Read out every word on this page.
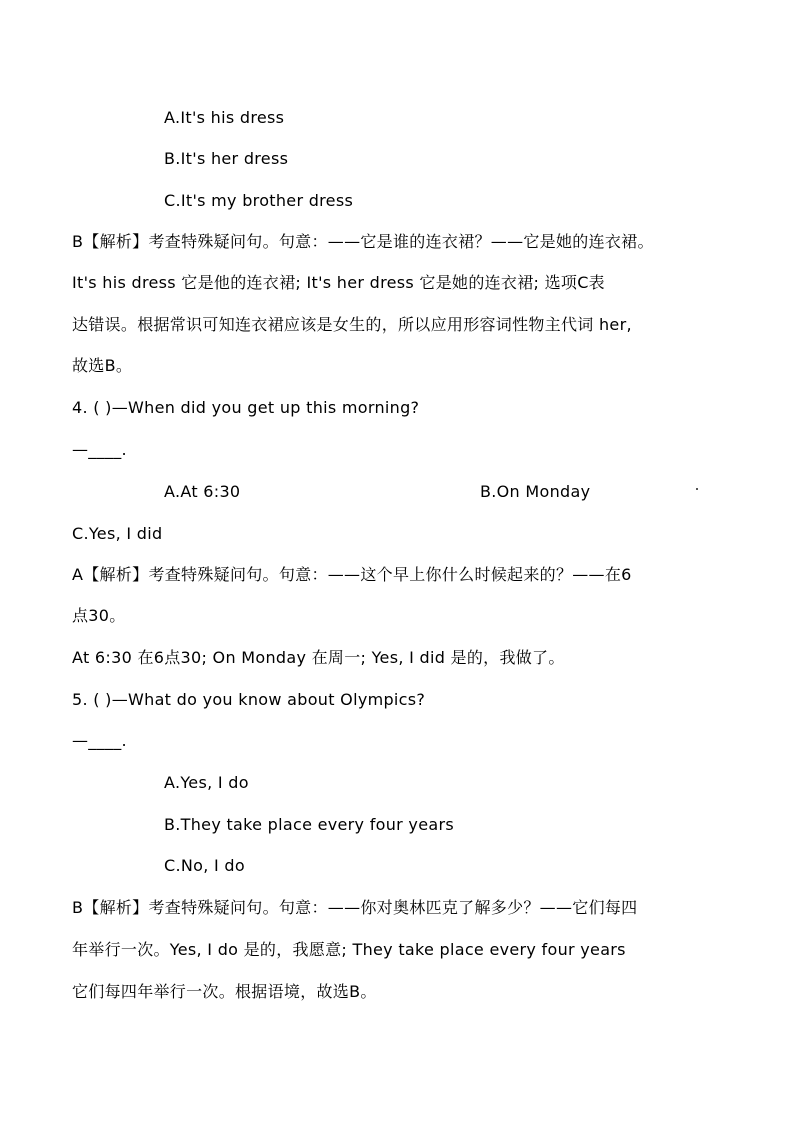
A.It's his dress
B.It's her dress
C.It's my brother dress
B【解析】考查特殊疑问句。句意：——它是谁的连衣裙？——它是她的连衣裙。
It's his dress 它是他的连衣裙; It's her dress 它是她的连衣裙; 选项C表
达错误。根据常识可知连衣裙应该是女生的，所以应用形容词性物主代词 her,
故选B。
4. ( )—When did you get up this morning?
—____.
A.At 6:30	B.On Monday
C.Yes, I did
A【解析】考查特殊疑问句。句意：——这个早上你什么时候起来的？——在6
点30。
At 6:30 在6点30; On Monday 在周一; Yes, I did 是的，我做了。
5. ( )—What do you know about Olympics?
—____.
A.Yes, I do
B.They take place every four years
C.No, I do
B【解析】考查特殊疑问句。句意：——你对奥林匹克了解多少？——它们每四
年举行一次。Yes, I do 是的，我愿意; They take place every four years
它们每四年举行一次。根据语境，故选B。
